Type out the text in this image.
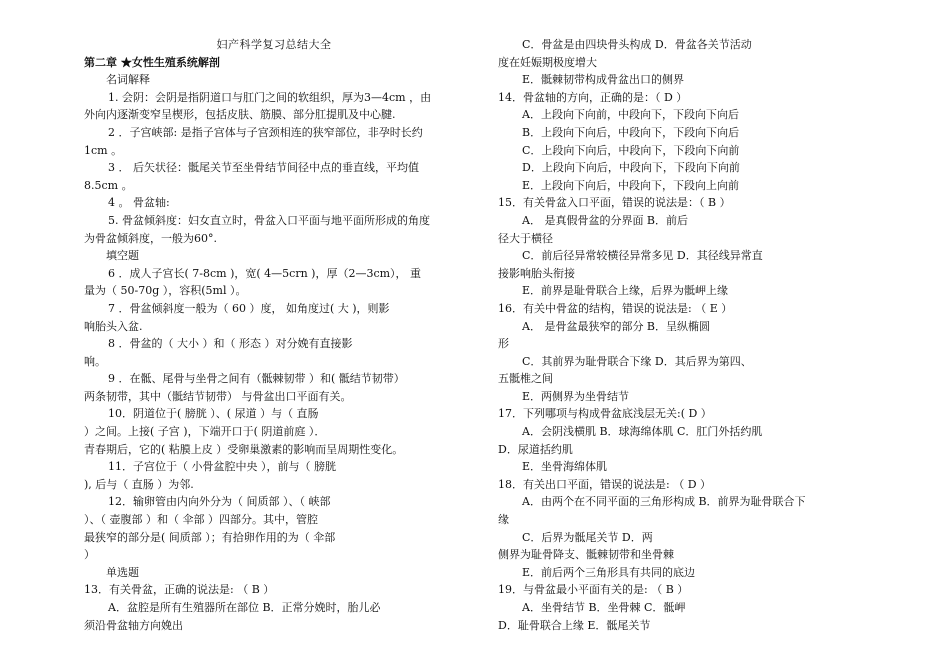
妇产科学复习总结大全
第二章 ★女性生殖系统解剖
名词解释
1. 会阴：会阴是指阴道口与肛门之间的软组织，厚为3—4cm ，由
外向内逐渐变窄呈楔形，包括皮肤、筋膜、部分肛提肌及中心腱.
2 ．子宫峡部: 是指子宫体与子宫颈相连的狭窄部位，非孕时长约
1cm 。
3 ． 后矢状径：骶尾关节至坐骨结节间径中点的垂直线，平均值
8.5cm 。
4 。 骨盆轴:
5. 骨盆倾斜度：妇女直立时，骨盆入口平面与地平面所形成的角度
为骨盆倾斜度，一般为60°.
填空题
6 ．成人子宫长( 7-8cm )，宽( 4—5crn )，厚（2—3cm）， 重
量为（ 50-70g ），容积(5ml ）。
7 ．骨盆倾斜度一般为（ 60 ）度， 如角度过( 大 )，则影
响胎头入盆.
8 ．骨盆的（ 大小 ）和（ 形态 ）对分娩有直接影
响。
9 ．在骶、尾骨与坐骨之间有（骶棘韧带 ）和( 骶结节韧带）
两条韧带，其中（骶结节韧带） 与骨盆出口平面有关。
10．阴道位于( 膀胱 ）、( 尿道 ）与（ 直肠
）之间。上接( 子宫 )，下端开口于( 阴道前庭 ）．
青春期后，它的( 粘膜上皮 ）受卵巢激素的影响而呈周期性变化。
11．子宫位于（ 小骨盆腔中央 ），前与（ 膀胱
), 后与（ 直肠 ）为邻.
12．输卵管由内向外分为（ 间质部 ）、（ 峡部
）、（ 壶腹部 ）和（ 伞部 ）四部分。其中，管腔
最狭窄的部分是( 间质部 ）；有拾卵作用的为（ 伞部
）
单选题
13．有关骨盆，正确的说法是: （ B ）
A．盆腔是所有生殖器所在部位 B．正常分娩时，胎儿必
须沿骨盆轴方向娩出
C．骨盆是由四块骨头构成 D．骨盆各关节活动
度在妊娠期极度增大
E．骶棘韧带构成骨盆出口的侧界
14．骨盆轴的方向，正确的是：（ D ）
A．上段向下向前，中段向下，下段向下向后
B．上段向下向后，中段向下，下段向下向后
C．上段向下向后，中段向下，下段向下向前
D．上段向下向后，中段向下，下段向下向前
E．上段向下向后，中段向下，下段向上向前
15．有关骨盆入口平面，错误的说法是：（ B ）
A． 是真假骨盆的分界面 B．前后
径大于横径
C．前后径异常较横径异常多见 D．其径线异常直
接影响胎头衔接
E．前界是耻骨联合上缘，后界为骶岬上缘
16．有关中骨盆的结构，错误的说法是: （ E ）
A． 是骨盆最狭窄的部分 B．呈纵椭圆
形
C．其前界为耻骨联合下缘 D．其后界为第四、
五骶椎之间
E．两侧界为坐骨结节
17．下列哪项与构成骨盆底浅层无关:( D ）
A．会阴浅横肌 B．球海绵体肌 C．肛门外括约肌
D．尿道括约肌
E．坐骨海绵体肌
18．有关出口平面，错误的说法是: （ D ）
A．由两个在不同平面的三角形构成 B．前界为耻骨联合下
缘
C．后界为骶尾关节 D．两
侧界为耻骨降支、骶棘韧带和坐骨棘
E．前后两个三角形具有共同的底边
19．与骨盆最小平面有关的是: （ B ）
A．坐骨结节 B．坐骨棘 C．骶岬
D．耻骨联合上缘 E．骶尾关节
